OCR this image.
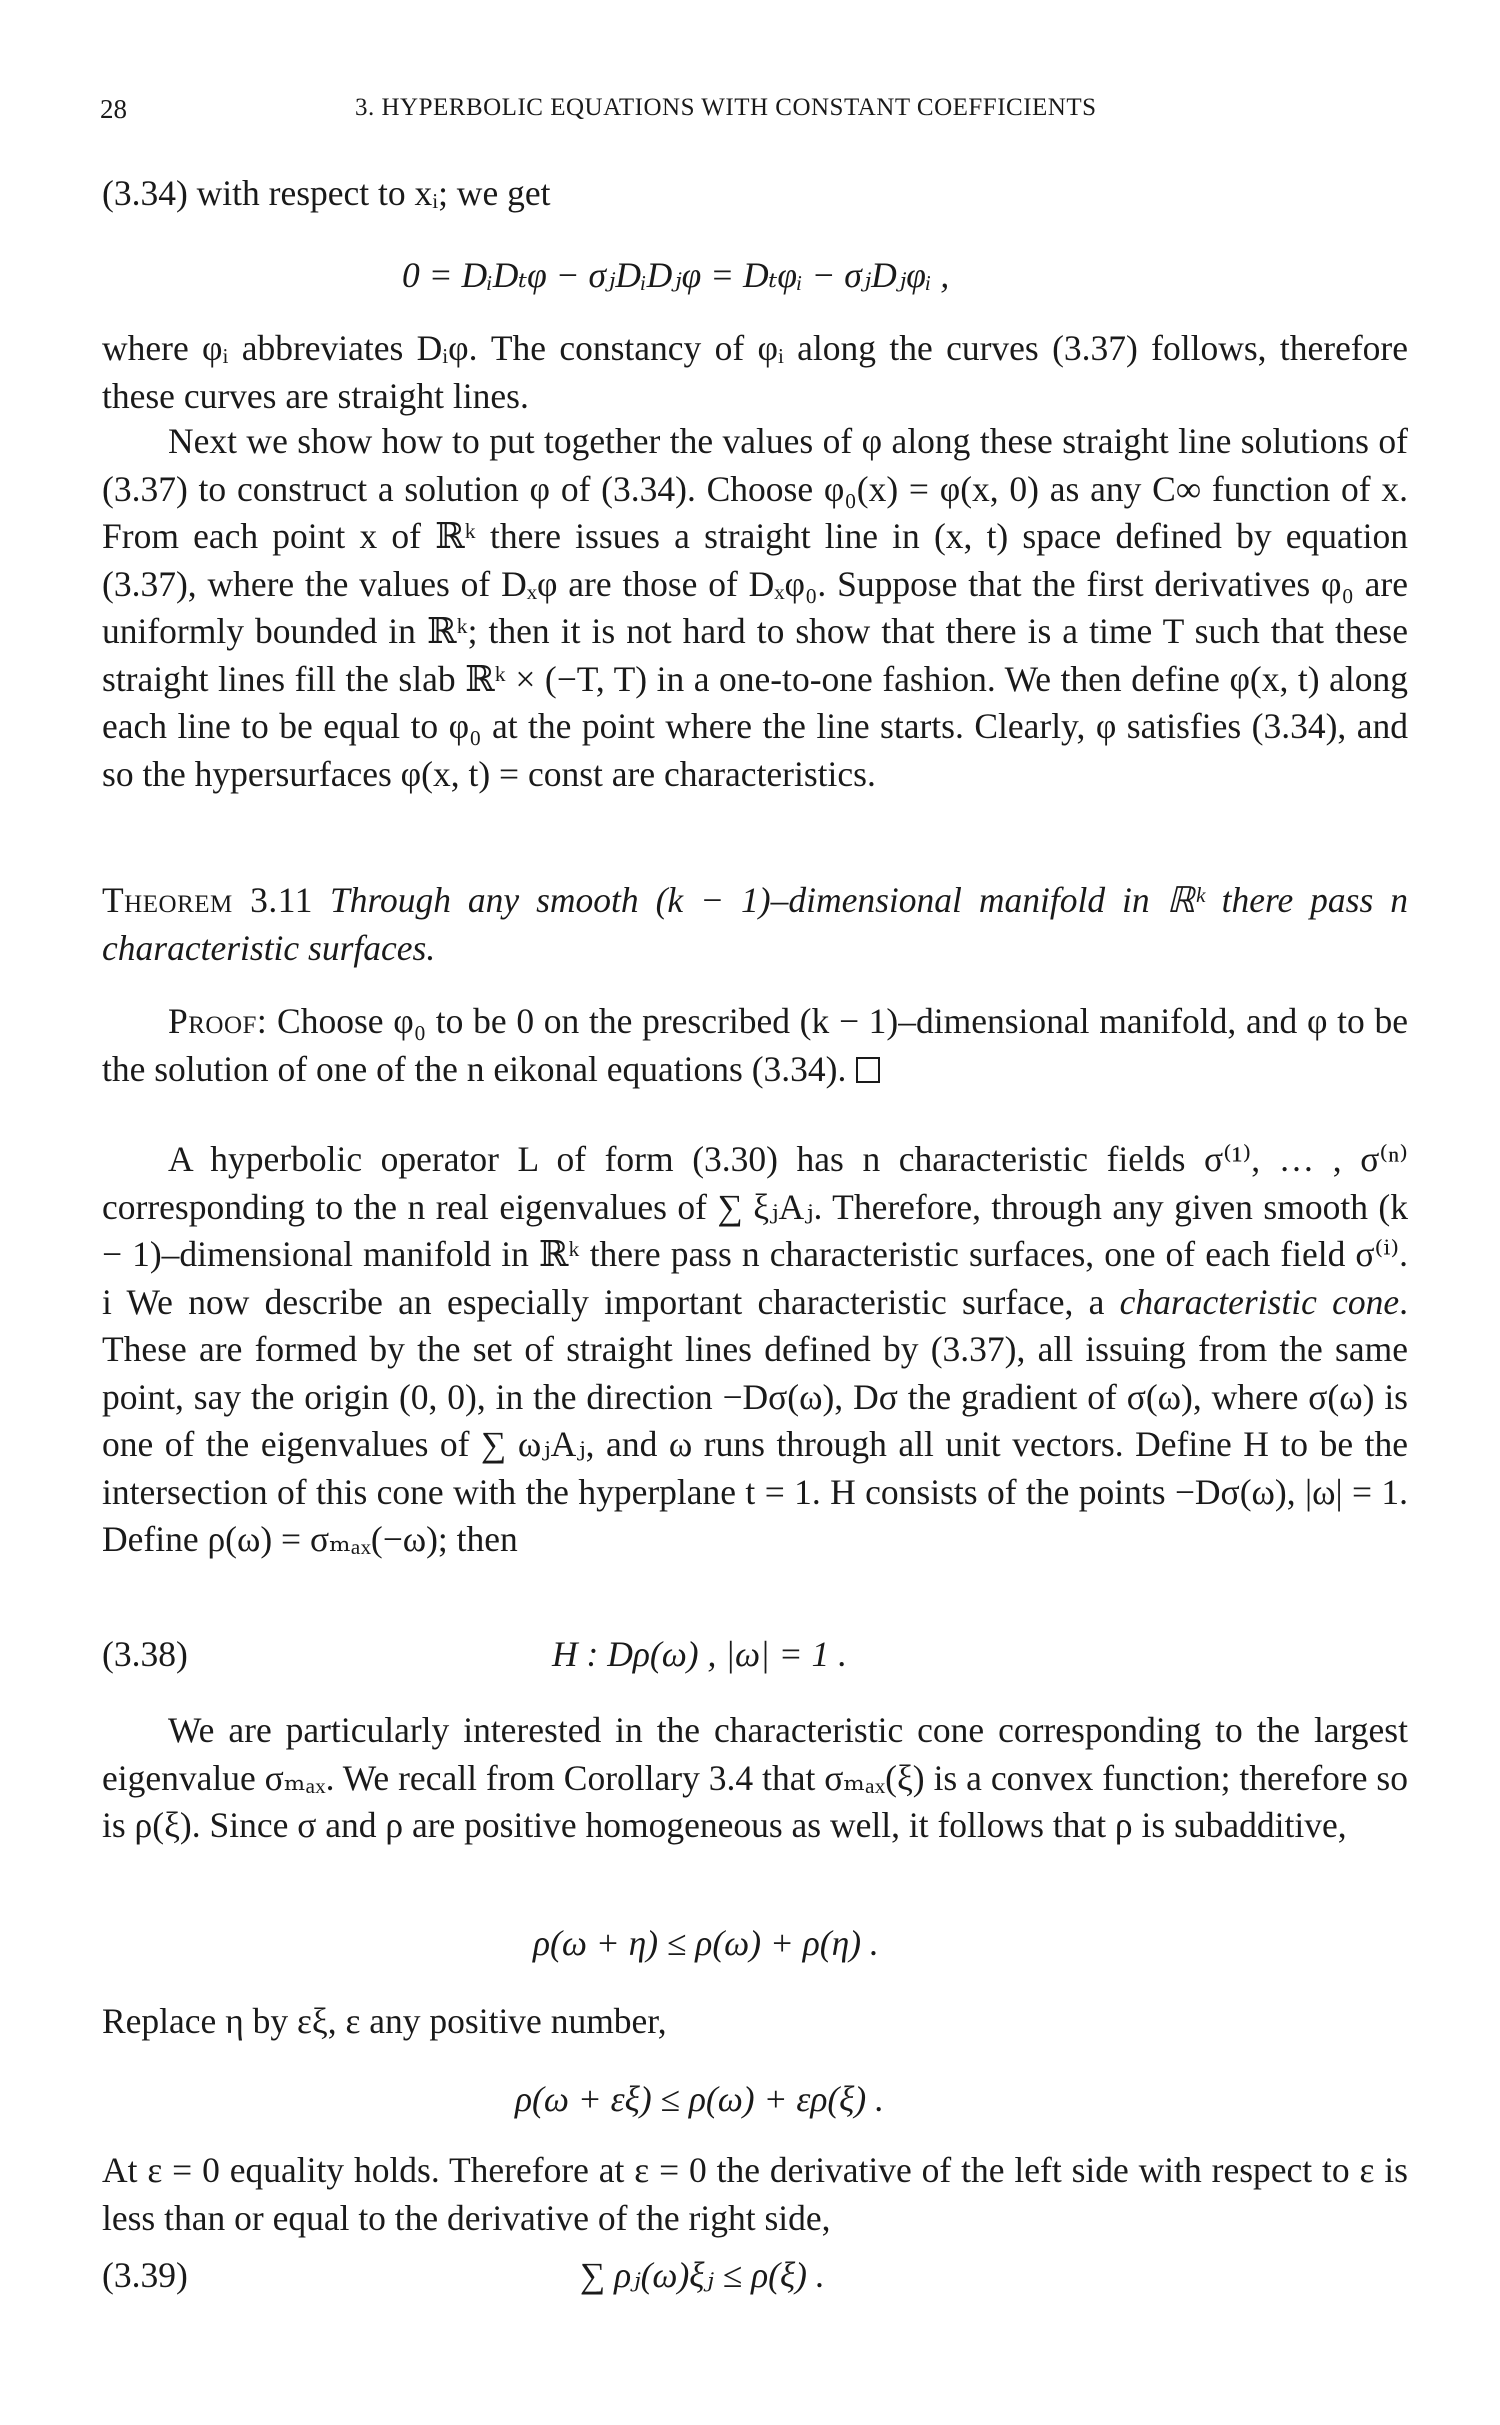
28	3. HYPERBOLIC EQUATIONS WITH CONSTANT COEFFICIENTS

(3.34) with respect to xᵢ; we get

0 = DᵢDₜφ − σⱼDᵢDⱼφ = Dₜφᵢ − σⱼDⱼφᵢ ,

where φᵢ abbreviates Dᵢφ. The constancy of φᵢ along the curves (3.37) follows, therefore these curves are straight lines.

Next we show how to put together the values of φ along these straight line solutions of (3.37) to construct a solution φ of (3.34). Choose φ₀(x) = φ(x, 0) as any C∞ function of x. From each point x of ℝᵏ there issues a straight line in (x, t) space defined by equation (3.37), where the values of Dₓφ are those of Dₓφ₀. Suppose that the first derivatives φ₀ are uniformly bounded in ℝᵏ; then it is not hard to show that there is a time T such that these straight lines fill the slab ℝᵏ × (−T, T) in a one-to-one fashion. We then define φ(x, t) along each line to be equal to φ₀ at the point where the line starts. Clearly, φ satisfies (3.34), and so the hypersurfaces φ(x, t) = const are characteristics.

Theorem 3.11 Through any smooth (k − 1)–dimensional manifold in ℝᵏ there pass n characteristic surfaces.

Proof: Choose φ₀ to be 0 on the prescribed (k − 1)–dimensional manifold, and φ to be the solution of one of the n eikonal equations (3.34).

A hyperbolic operator L of form (3.30) has n characteristic fields σ⁽¹⁾, … , σ⁽ⁿ⁾ corresponding to the n real eigenvalues of ∑ ξⱼAⱼ. Therefore, through any given smooth (k − 1)–dimensional manifold in ℝᵏ there pass n characteristic surfaces, one of each field σ⁽ⁱ⁾. i We now describe an especially important characteristic surface, a characteristic cone. These are formed by the set of straight lines defined by (3.37), all issuing from the same point, say the origin (0, 0), in the direction −Dσ(ω), Dσ the gradient of σ(ω), where σ(ω) is one of the eigenvalues of ∑ ωⱼAⱼ, and ω runs through all unit vectors. Define H to be the intersection of this cone with the hyperplane t = 1. H consists of the points −Dσ(ω), |ω| = 1. Define ρ(ω) = σₘₐₓ(−ω); then

(3.38)	H : Dρ(ω) , |ω| = 1 .

We are particularly interested in the characteristic cone corresponding to the largest eigenvalue σₘₐₓ. We recall from Corollary 3.4 that σₘₐₓ(ξ) is a convex function; therefore so is ρ(ξ). Since σ and ρ are positive homogeneous as well, it follows that ρ is subadditive,

ρ(ω + η) ≤ ρ(ω) + ρ(η) .

Replace η by εξ, ε any positive number,

ρ(ω + εξ) ≤ ρ(ω) + ερ(ξ) .

At ε = 0 equality holds. Therefore at ε = 0 the derivative of the left side with respect to ε is less than or equal to the derivative of the right side,

(3.39)	∑ ρⱼ(ω)ξⱼ ≤ ρ(ξ) .
